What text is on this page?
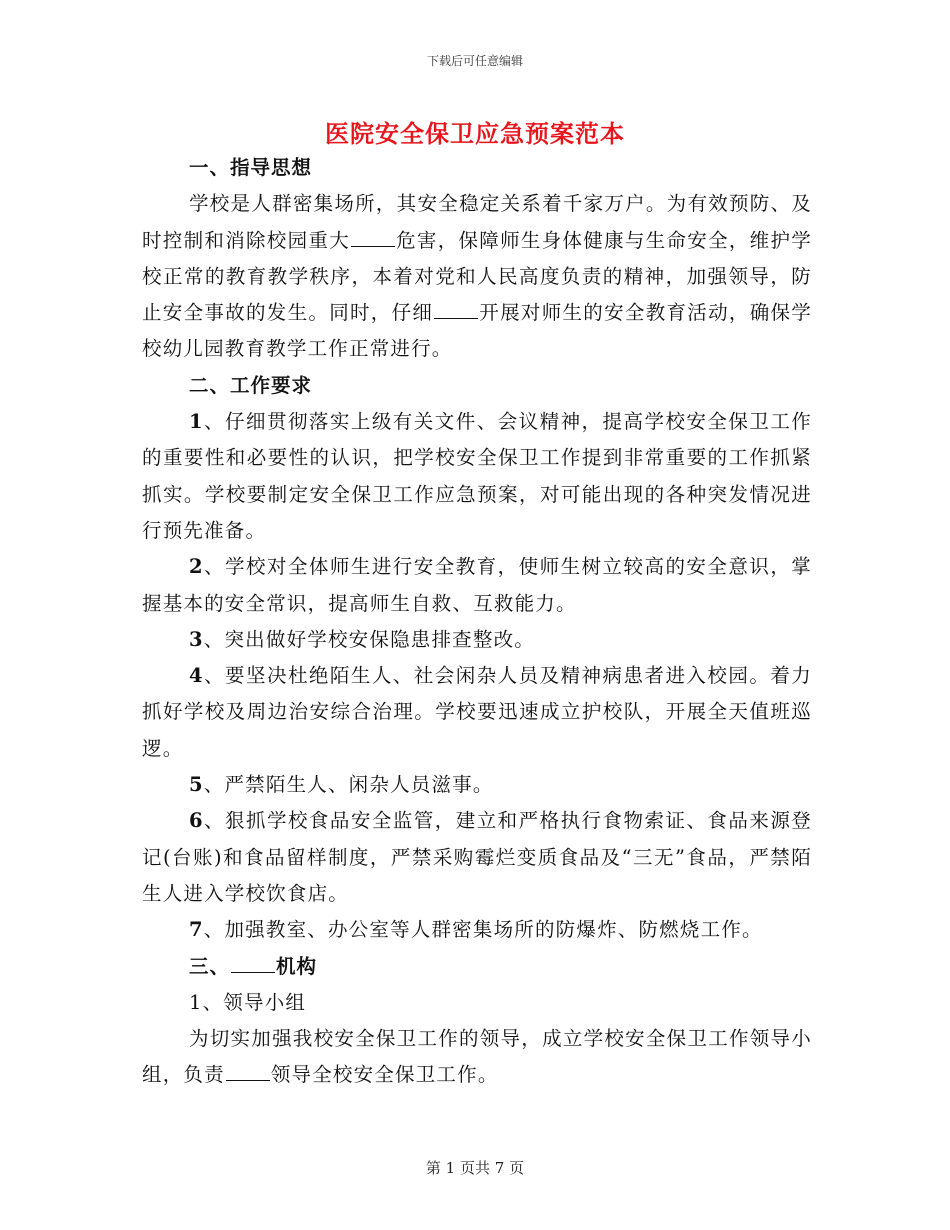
下载后可任意编辑
医院安全保卫应急预案范本

一、指导思想

学校是人群密集场所，其安全稳定关系着千家万户。为有效预防、及时控制和消除校园重大 危害，保障师生身体健康与生命安全，维护学校正常的教育教学秩序，本着对党和人民高度负责的精神，加强领导，防止安全事故的发生。同时，仔细 开展对师生的安全教育活动，确保学校幼儿园教育教学工作正常进行。

二、工作要求

1、仔细贯彻落实上级有关文件、会议精神，提高学校安全保卫工作的重要性和必要性的认识，把学校安全保卫工作提到非常重要的工作抓紧抓实。学校要制定安全保卫工作应急预案，对可能出现的各种突发情况进行预先准备。

2、学校对全体师生进行安全教育，使师生树立较高的安全意识，掌握基本的安全常识，提高师生自救、互救能力。

3、突出做好学校安保隐患排查整改。

4、要坚决杜绝陌生人、社会闲杂人员及精神病患者进入校园。着力抓好学校及周边治安综合治理。学校要迅速成立护校队，开展全天值班巡逻。

5、严禁陌生人、闲杂人员滋事。

6、狠抓学校食品安全监管，建立和严格执行食物索证、食品来源登记(台账)和食品留样制度，严禁采购霉烂变质食品及“三无”食品，严禁陌生人进入学校饮食店。

7、加强教室、办公室等人群密集场所的防爆炸、防燃烧工作。

三、 机构

1、领导小组

为切实加强我校安全保卫工作的领导，成立学校安全保卫工作领导小组，负责 领导全校安全保卫工作。

第 1 页共 7 页
